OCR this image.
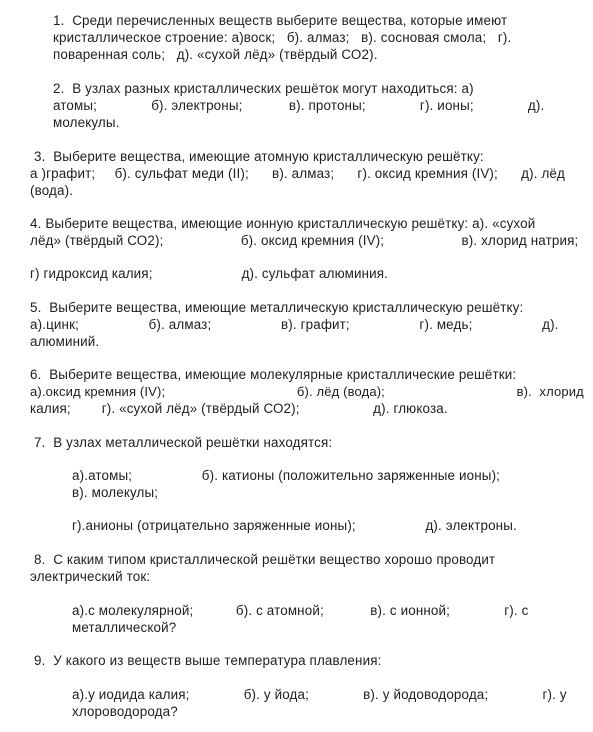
1.  Среди перечисленных веществ выберите вещества, которые имеют
кристаллическое строение: а)воск;   б). алмаз;   в). сосновая смола;   г).
поваренная соль;   д). «сухой лёд» (твёрдый СО2).
2.  В узлах разных кристаллических решёток могут находиться: а)
атомы;              б). электроны;            в). протоны;              г). ионы;              д).
молекулы.
3.  Выберите вещества, имеющие атомную кристаллическую решётку:
а )графит;     б). сульфат меди (II);      в). алмаз;      г). оксид кремния (IV);      д). лёд
(вода).
4. Выберите вещества, имеющие ионную кристаллическую решётку: а). «сухой
лёд» (твёрдый СО2);                    б). оксид кремния (IV);                    в). хлорид натрия;
г) гидроксид калия;                       д). сульфат алюминия.
5.  Выберите вещества, имеющие металлическую кристаллическую решётку:
а).цинк;                  б). алмаз;                  в). графит;                  г). медь;                  д).
алюминий.
6.  Выберите вещества, имеющие молекулярные кристаллические решётки:
а).оксид кремния (IV);                                   б). лёд (вода);                                   в).  хлорид
калия;        г). «сухой лёд» (твёрдый СО2);                   д). глюкоза.
7.  В узлах металлической решётки находятся:
а).атомы;                  б). катионы (положительно заряженные ионы);
в). молекулы;
г).анионы (отрицательно заряженные ионы);                  д). электроны.
8.  С каким типом кристаллической решётки вещество хорошо проводит
электрический ток:
а).с молекулярной;           б). с атомной;            в). с ионной;              г). с
металлической?
9.  У какого из веществ выше температура плавления:
а).у иодида калия;              б). у йода;              в). у йодоводорода;              г). у
хлороводорода?
